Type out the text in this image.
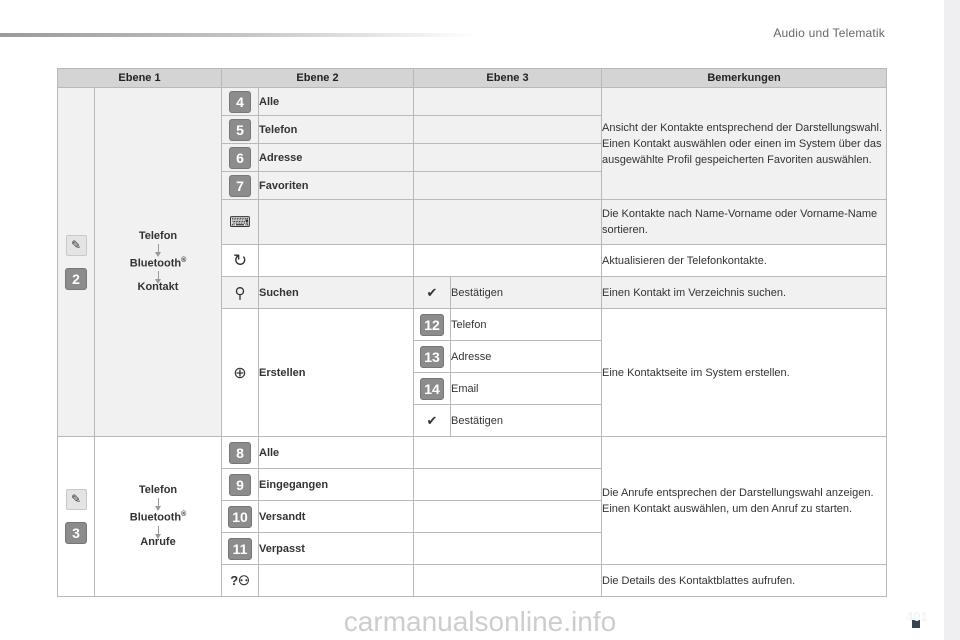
Audio und Telematik
Ebene 1		Ebene 2		Ebene 3		Bemerkungen
✎

2	Telefon
Bluetooth®
Kontakt	4	Alle			Ansicht der Kontakte entsprechend der Darstellungswahl.
Einen Kontakt auswählen oder einen im System über das ausgewählte Profil gespeicherten Favoriten auswählen.
		5	Telefon			
		6	Adresse			
		7	Favoriten			
		⌨				Die Kontakte nach Name-Vorname oder Vorname-Name sortieren.
		↻				Aktualisieren der Telefonkontakte.
		⚲	Suchen	✔	Bestätigen	Einen Kontakt im Verzeichnis suchen.
		⊕	Erstellen	12	Telefon	Eine Kontaktseite im System erstellen.
				13	Adresse	
				14	Email	
				✔	Bestätigen	
✎

3	Telefon
Bluetooth®
Anrufe	8	Alle			Die Anrufe entsprechen der Darstellungswahl anzeigen.
Einen Kontakt auswählen, um den Anruf zu starten.
		9	Eingegangen			
		10	Versandt			
		11	Verpasst			
		?⚇				Die Details des Kontaktblattes aufrufen.
carmanualsonline.info	401
